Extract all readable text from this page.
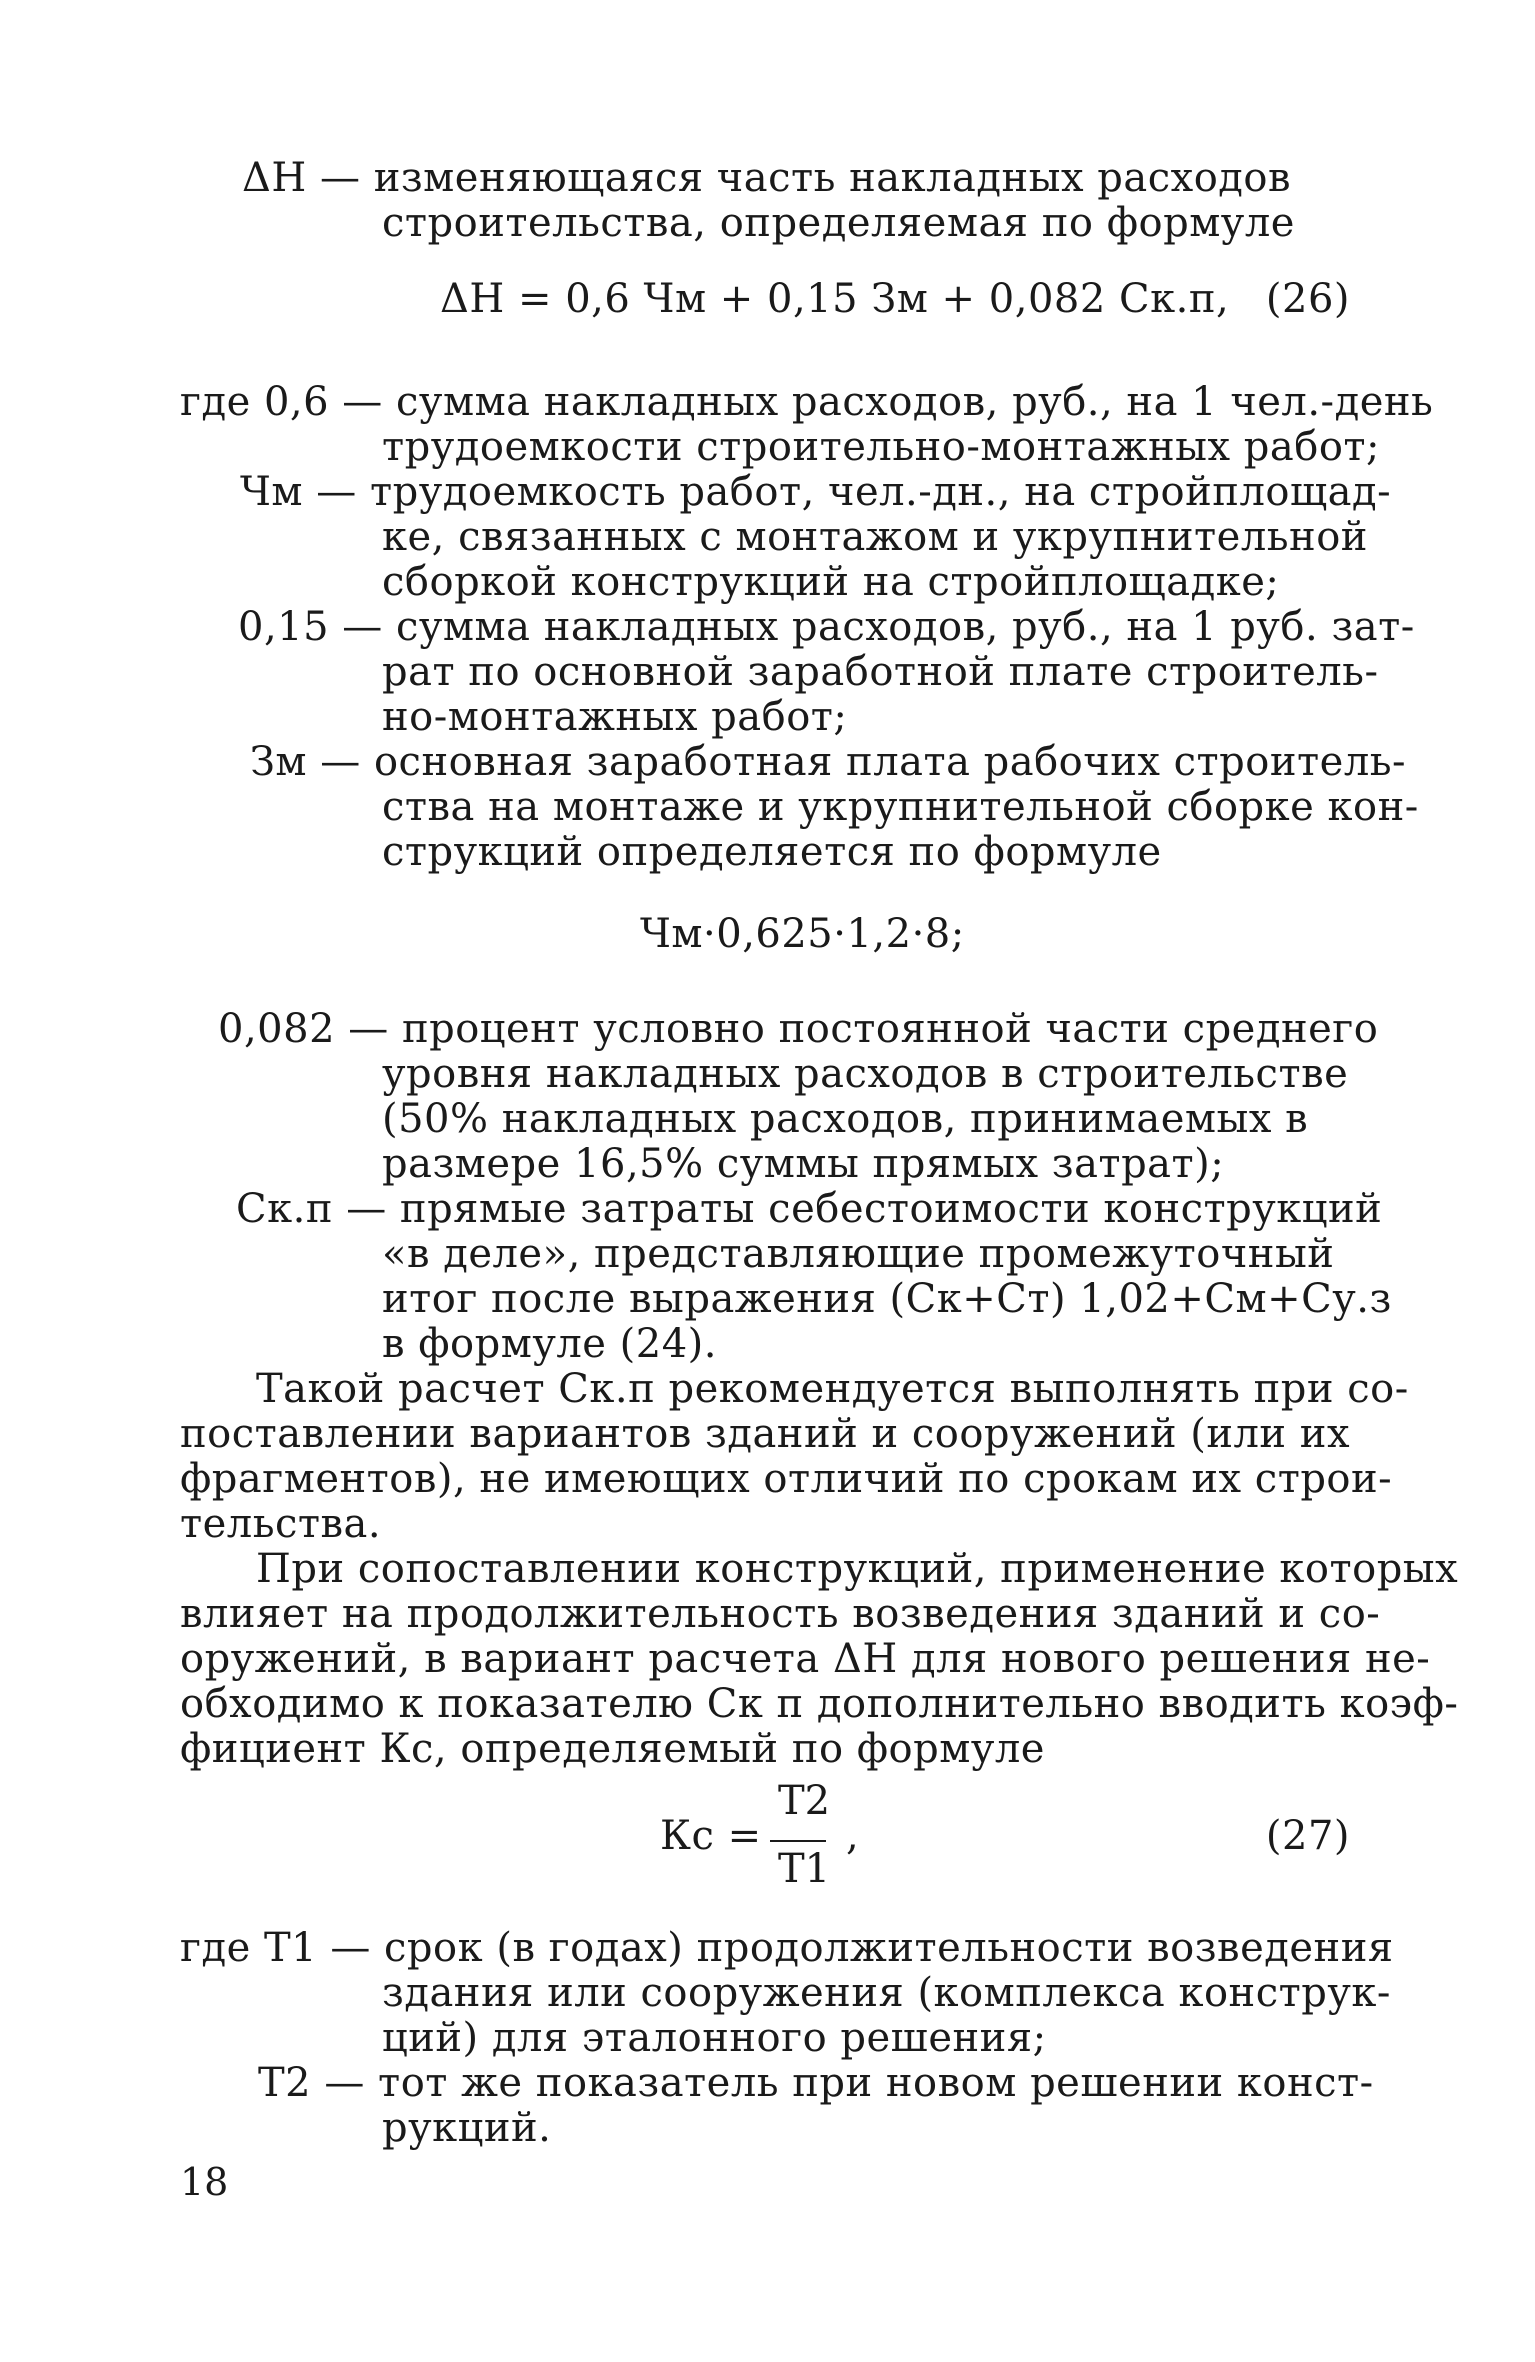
ΔН — изменяющаяся часть накладных расходов
строительства, определяемая по формуле
ΔН = 0,6 Чм + 0,15 Зм + 0,082 Ск.п, (26)
где 0,6 — сумма накладных расходов, руб., на 1 чел.-день
трудоемкости строительно-монтажных работ;
Чм — трудоемкость работ, чел.-дн., на стройплощад-
ке, связанных с монтажом и укрупнительной
сборкой конструкций на стройплощадке;
0,15 — сумма накладных расходов, руб., на 1 руб. зат-
рат по основной заработной плате строитель-
но-монтажных работ;
Зм — основная заработная плата рабочих строитель-
ства на монтаже и укрупнительной сборке кон-
струкций определяется по формуле
Чм·0,625·1,2·8;
0,082 — процент условно постоянной части среднего
уровня накладных расходов в строительстве
(50% накладных расходов, принимаемых в
размере 16,5% суммы прямых затрат);
Ск.п — прямые затраты себестоимости конструкций
«в деле», представляющие промежуточный
итог после выражения (Ск+Ст) 1,02+См+Су.з
в формуле (24).
Такой расчет Ск.п рекомендуется выполнять при со-
поставлении вариантов зданий и сооружений (или их
фрагментов), не имеющих отличий по срокам их строи-
тельства.
При сопоставлении конструкций, применение которых
влияет на продолжительность возведения зданий и со-
оружений, в вариант расчета ΔН для нового решения не-
обходимо к показателю Ск п дополнительно вводить коэф-
фициент Кс, определяемый по формуле
Кс =
Т2
Т1
,	(27)
где Т1 — срок (в годах) продолжительности возведения
здания или сооружения (комплекса конструк-
ций) для эталонного решения;
Т2 — тот же показатель при новом решении конст-
рукций.
18
